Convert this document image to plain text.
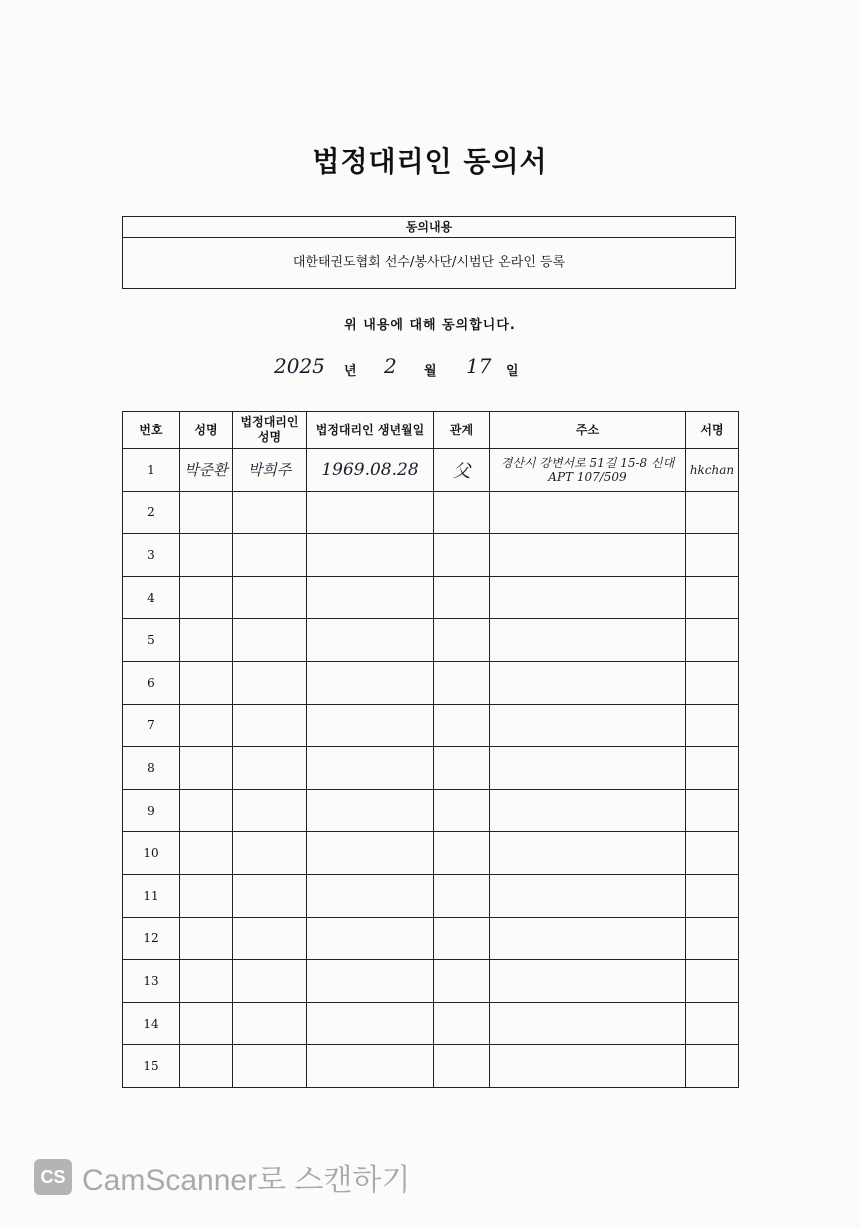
법정대리인 동의서
동의내용
대한태권도협회 선수/봉사단/시범단 온라인 등록
위 내용에 대해 동의합니다.
2025 년 2 월 17 일
번호	성명	법정대리인 성명	법정대리인 생년월일	관계	주소	서명
1	박준환	박희주	1969.08.28	父	경산시 강변서로 51길 15-8 신대 APT 107/509	hkchan
2						
3						
4						
5						
6						
7						
8						
9						
10						
11						
12						
13						
14						
15						
CS CamScanner로 스캔하기
